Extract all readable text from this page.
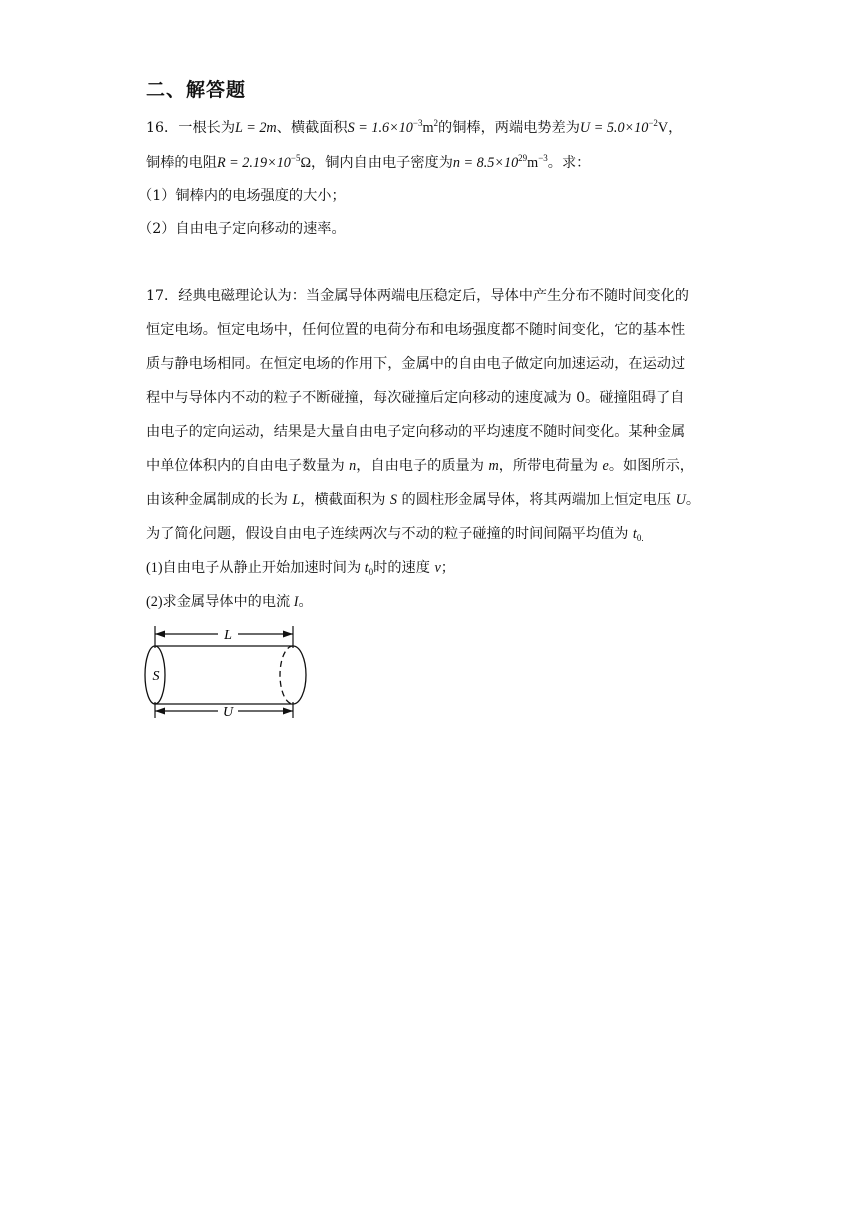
二、解答题
16．一根长为L = 2m、横截面积$S = 1.6\times 10^{-3}m^2$的铜棒，两端电势差为$U = 5.0\times 10^{-2}V$，
铜棒的电阻$R = 2.19\times 10^{-5}\Omega$，铜内自由电子密度为$n = 8.5\times 10^{29}m^{-3}$。求：
（1）铜棒内的电场强度的大小；
（2）自由电子定向移动的速率。
17．经典电磁理论认为：当金属导体两端电压稳定后，导体中产生分布不随时间变化的
恒定电场。恒定电场中，任何位置的电荷分布和电场强度都不随时间变化，它的基本性
质与静电场相同。在恒定电场的作用下，金属中的自由电子做定向加速运动，在运动过
程中与导体内不动的粒子不断碰撞，每次碰撞后定向移动的速度减为 0。碰撞阻碍了自
由电子的定向运动，结果是大量自由电子定向移动的平均速度不随时间变化。某种金属
中单位体积内的自由电子数量为 n，自由电子的质量为 m，所带电荷量为 e。如图所示，
由该种金属制成的长为 L，横截面积为 S 的圆柱形金属导体，将其两端加上恒定电压 U。
为了简化问题，假设自由电子连续两次与不动的粒子碰撞的时间间隔平均值为 $t_{0.}$
(1)自由电子从静止开始加速时间为 $t_0$时的速度 v；
(2)求金属导体中的电流 I。
L
S
U
